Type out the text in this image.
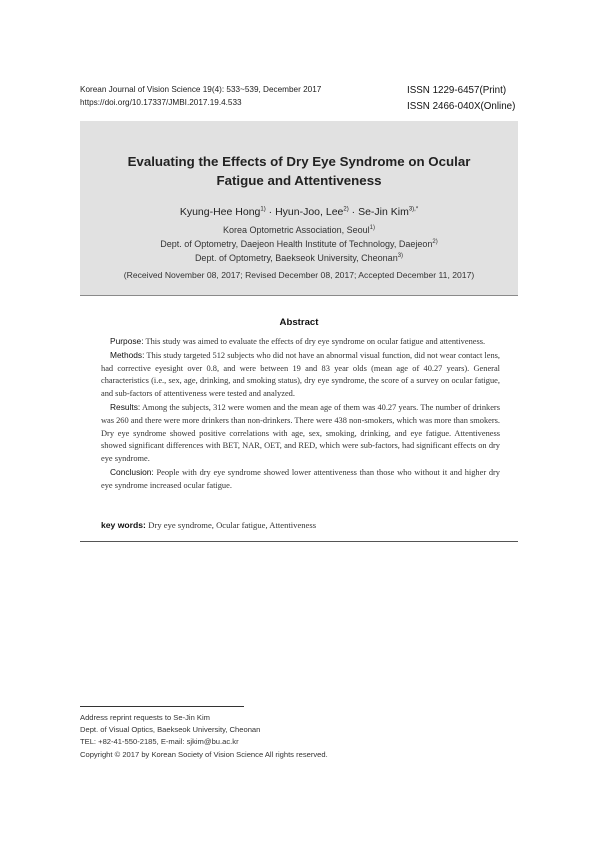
Korean Journal of Vision Science 19(4): 533~539, December 2017
https://doi.org/10.17337/JMBI.2017.19.4.533
ISSN 1229-6457(Print)
ISSN 2466-040X(Online)
Evaluating the Effects of Dry Eye Syndrome on Ocular
Fatigue and Attentiveness
Kyung-Hee Hong$^{1)}$ · Hyun-Joo, Lee$^{2)}$ · Se-Jin Kim$^{3),*}$
Korea Optometric Association, Seoul$^{1)}$
Dept. of Optometry, Daejeon Health Institute of Technology, Daejeon$^{2)}$
Dept. of Optometry, Baekseok University, Cheonan$^{3)}$
(Received November 08, 2017; Revised December 08, 2017; Accepted December 11, 2017)
Abstract

Purpose: This study was aimed to evaluate the effects of dry eye syndrome on ocular fatigue and attentiveness.

Methods: This study targeted 512 subjects who did not have an abnormal visual function, did not wear contact lens, had corrective eyesight over 0.8, and were between 19 and 83 year olds (mean age of 40.27 years). General characteristics (i.e., sex, age, drinking, and smoking status), dry eye syndrome, the score of a survey on ocular fatigue, and sub-factors of attentiveness were tested and analyzed.

Results: Among the subjects, 312 were women and the mean age of them was 40.27 years. The number of drinkers was 260 and there were more drinkers than non-drinkers. There were 438 non-smokers, which was more than smokers. Dry eye syndrome showed positive correlations with age, sex, smoking, drinking, and eye fatigue. Attentiveness showed significant differences with BET, NAR, OET, and RED, which were sub-factors, had significant effects on dry eye syndrome.

Conclusion: People with dry eye syndrome showed lower attentiveness than those who without it and higher dry eye syndrome increased ocular fatigue.

key words: Dry eye syndrome, Ocular fatigue, Attentiveness
Address reprint requests to Se-Jin Kim
Dept. of Visual Optics, Baekseok University, Cheonan
TEL: +82-41-550-2185, E-mail: sjkim@bu.ac.kr
Copyright © 2017 by Korean Society of Vision Science All rights reserved.
